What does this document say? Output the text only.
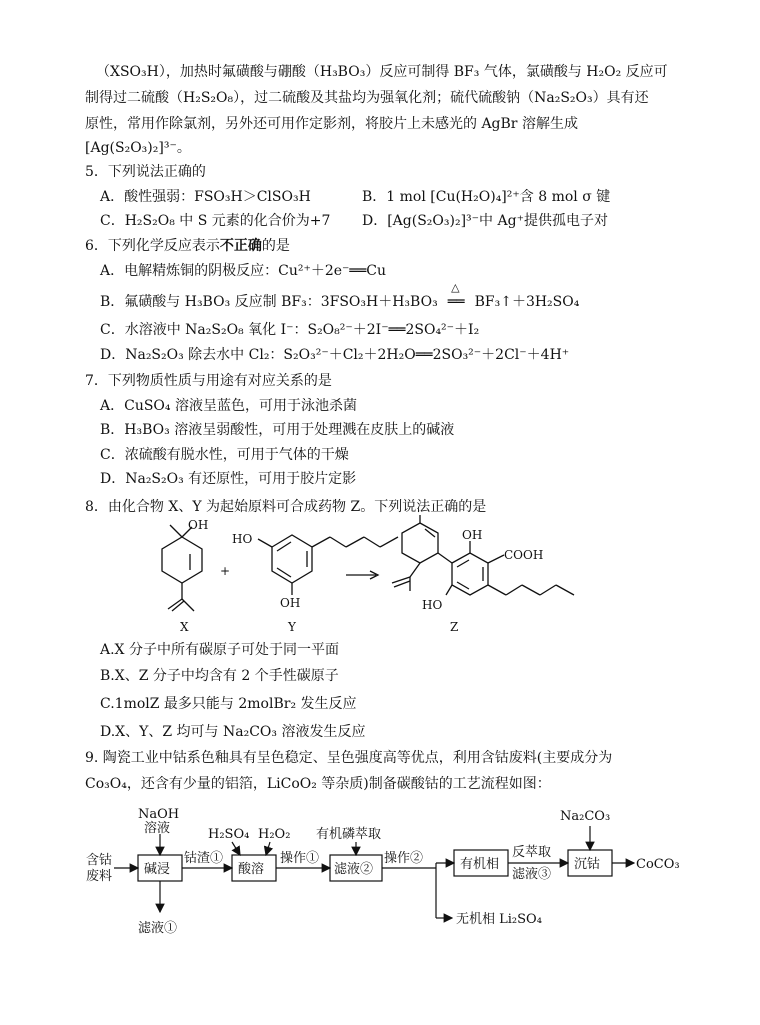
（XSO₃H），加热时氟磺酸与硼酸（H₃BO₃）反应可制得 BF₃ 气体，氯磺酸与 H₂O₂ 反应可
制得过二硫酸（H₂S₂O₈），过二硫酸及其盐均为强氧化剂；硫代硫酸钠（Na₂S₂O₃）具有还
原性，常用作除氯剂，另外还可用作定影剂，将胶片上未感光的 AgBr 溶解生成
[Ag(S₂O₃)₂]³⁻。
5．下列说法正确的
A．酸性强弱：FSO₃H＞ClSO₃H	B．1 mol [Cu(H₂O)₄]²⁺含 8 mol σ 键
C．H₂S₂O₈ 中 S 元素的化合价为+7 D．[Ag(S₂O₃)₂]³⁻中 Ag⁺提供孤电子对
6．下列化学反应表示不正确的是
A．电解精炼铜的阴极反应：Cu²⁺＋2e⁻══Cu
B．氟磺酸与 H₃BO₃ 反应制 BF₃：3FSO₃H＋H₃BO₃
△
══ BF₃↑＋3H₂SO₄
C．水溶液中 Na₂S₂O₈ 氧化 I⁻：S₂O₈²⁻＋2I⁻══2SO₄²⁻＋I₂
D．Na₂S₂O₃ 除去水中 Cl₂：S₂O₃²⁻＋Cl₂＋2H₂O══2SO₃²⁻＋2Cl⁻＋4H⁺
7．下列物质性质与用途有对应关系的是
A．CuSO₄ 溶液呈蓝色，可用于泳池杀菌
B．H₃BO₃ 溶液呈弱酸性，可用于处理溅在皮肤上的碱液
C．浓硫酸有脱水性，可用于气体的干燥
D．Na₂S₂O₃ 有还原性，可用于胶片定影
8．由化合物 X、Y 为起始原料可合成药物 Z。下列说法正确的是
OH
X
+
HO
OH
Y
OH
COOH
HO
Z
A.X 分子中所有碳原子可处于同一平面
B.X、Z 分子中均含有 2 个手性碳原子
C.1molZ 最多只能与 2molBr₂ 发生反应
D.X、Y、Z 均可与 Na₂CO₃ 溶液发生反应
9. 陶瓷工业中钴系色釉具有呈色稳定、呈色强度高等优点，利用含钴废料(主要成分为
Co₃O₄，还含有少量的铝箔，LiCoO₂ 等杂质)制备碳酸钴的工艺流程如图：
含钴
废料
NaOH
溶液
碱浸
钴渣①
H₂SO₄ H₂O₂
酸溶
操作①
有机磷萃取
滤液②
操作②	有机相
反萃取
滤液③
Na₂CO₃
沉钴	CoCO₃
滤液①
无机相 Li₂SO₄
